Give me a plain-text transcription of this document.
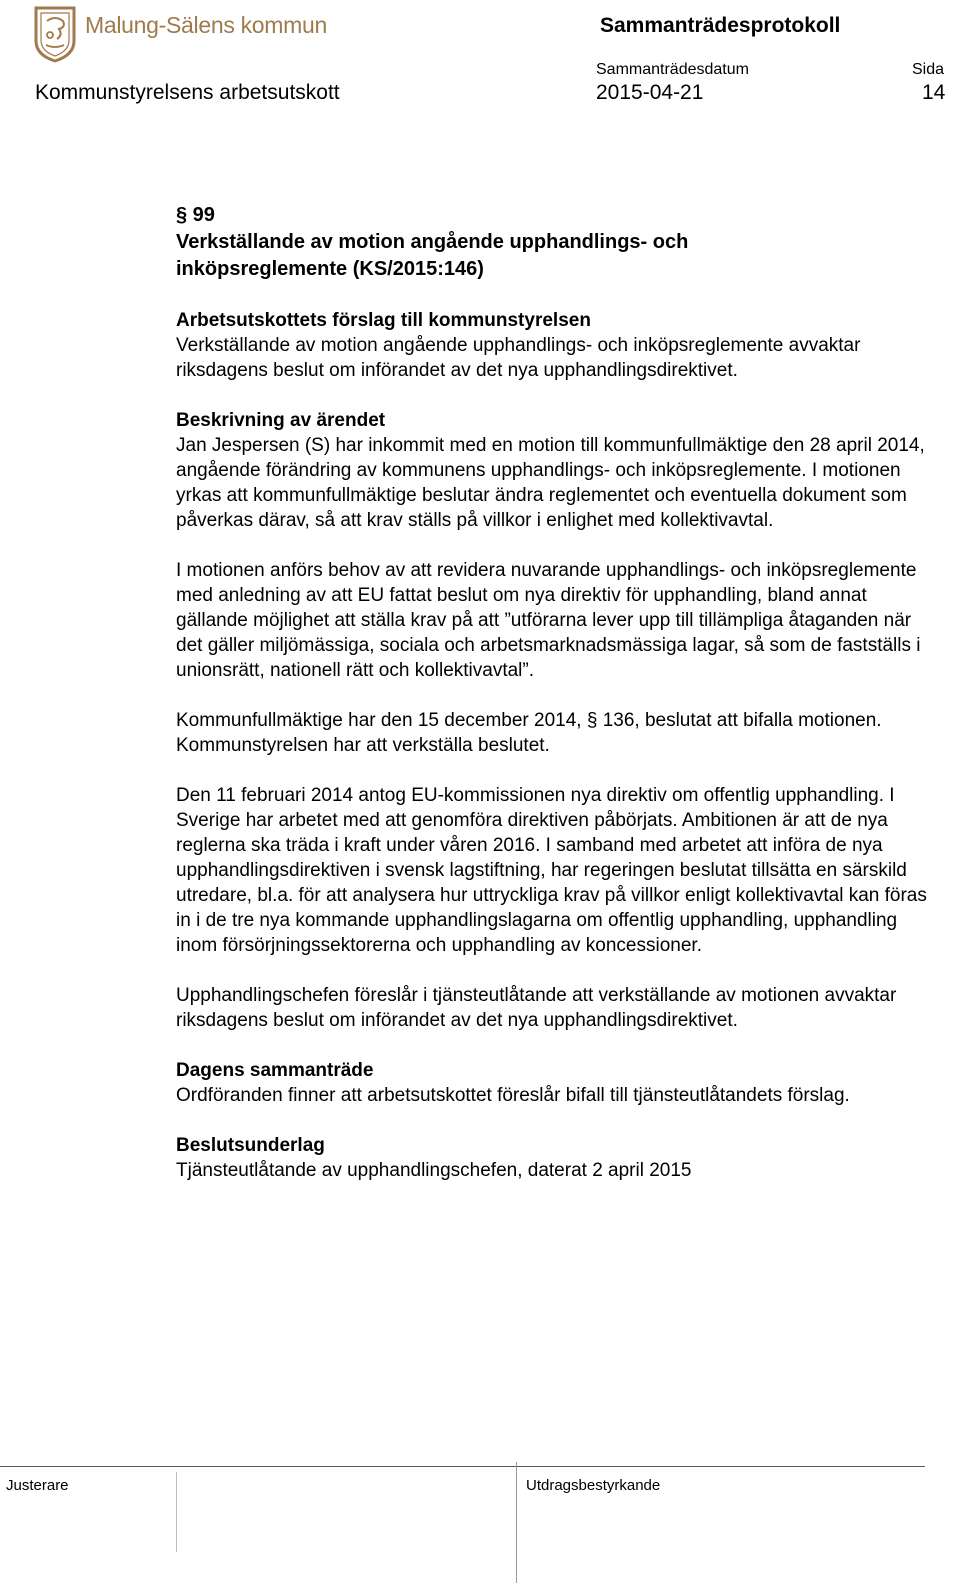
Malung-Sälens kommun	Sammanträdesprotokoll
Sammanträdesdatum	Sida
Kommunstyrelsens arbetsutskott	2015-04-21	14
§ 99
Verkställande av motion angående upphandlings- och
inköpsreglemente (KS/2015:146)

Arbetsutskottets förslag till kommunstyrelsen
Verkställande av motion angående upphandlings- och inköpsreglemente avvaktar riksdagens beslut om införandet av det nya upphandlingsdirektivet.

Beskrivning av ärendet
Jan Jespersen (S) har inkommit med en motion till kommunfullmäktige den 28 april 2014, angående förändring av kommunens upphandlings- och inköpsreglemente. I motionen yrkas att kommunfullmäktige beslutar ändra reglementet och eventuella dokument som påverkas därav, så att krav ställs på villkor i enlighet med kollektivavtal.

I motionen anförs behov av att revidera nuvarande upphandlings- och inköpsreglemente med anledning av att EU fattat beslut om nya direktiv för upphandling, bland annat gällande möjlighet att ställa krav på att ”utförarna lever upp till tillämpliga åtaganden när det gäller miljömässiga, sociala och arbetsmarknadsmässiga lagar, så som de fastställs i unionsrätt, nationell rätt och kollektivavtal”.

Kommunfullmäktige har den 15 december 2014, § 136, beslutat att bifalla motionen. Kommunstyrelsen har att verkställa beslutet.

Den 11 februari 2014 antog EU-kommissionen nya direktiv om offentlig upphandling. I Sverige har arbetet med att genomföra direktiven påbörjats. Ambitionen är att de nya reglerna ska träda i kraft under våren 2016. I samband med arbetet att införa de nya upphandlingsdirektiven i svensk lagstiftning, har regeringen beslutat tillsätta en särskild utredare, bl.a. för att analysera hur uttryckliga krav på villkor enligt kollektivavtal kan föras in i de tre nya kommande upphandlingslagarna om offentlig upphandling, upphandling inom försörjningssektorerna och upphandling av koncessioner.

Upphandlingschefen föreslår i tjänsteutlåtande att verkställande av motionen avvaktar riksdagens beslut om införandet av det nya upphandlingsdirektivet.

Dagens sammanträde
Ordföranden finner att arbetsutskottet föreslår bifall till tjänsteutlåtandets förslag.

Beslutsunderlag
Tjänsteutlåtande av upphandlingschefen, daterat 2 april 2015

Justerare	Utdragsbestyrkande
